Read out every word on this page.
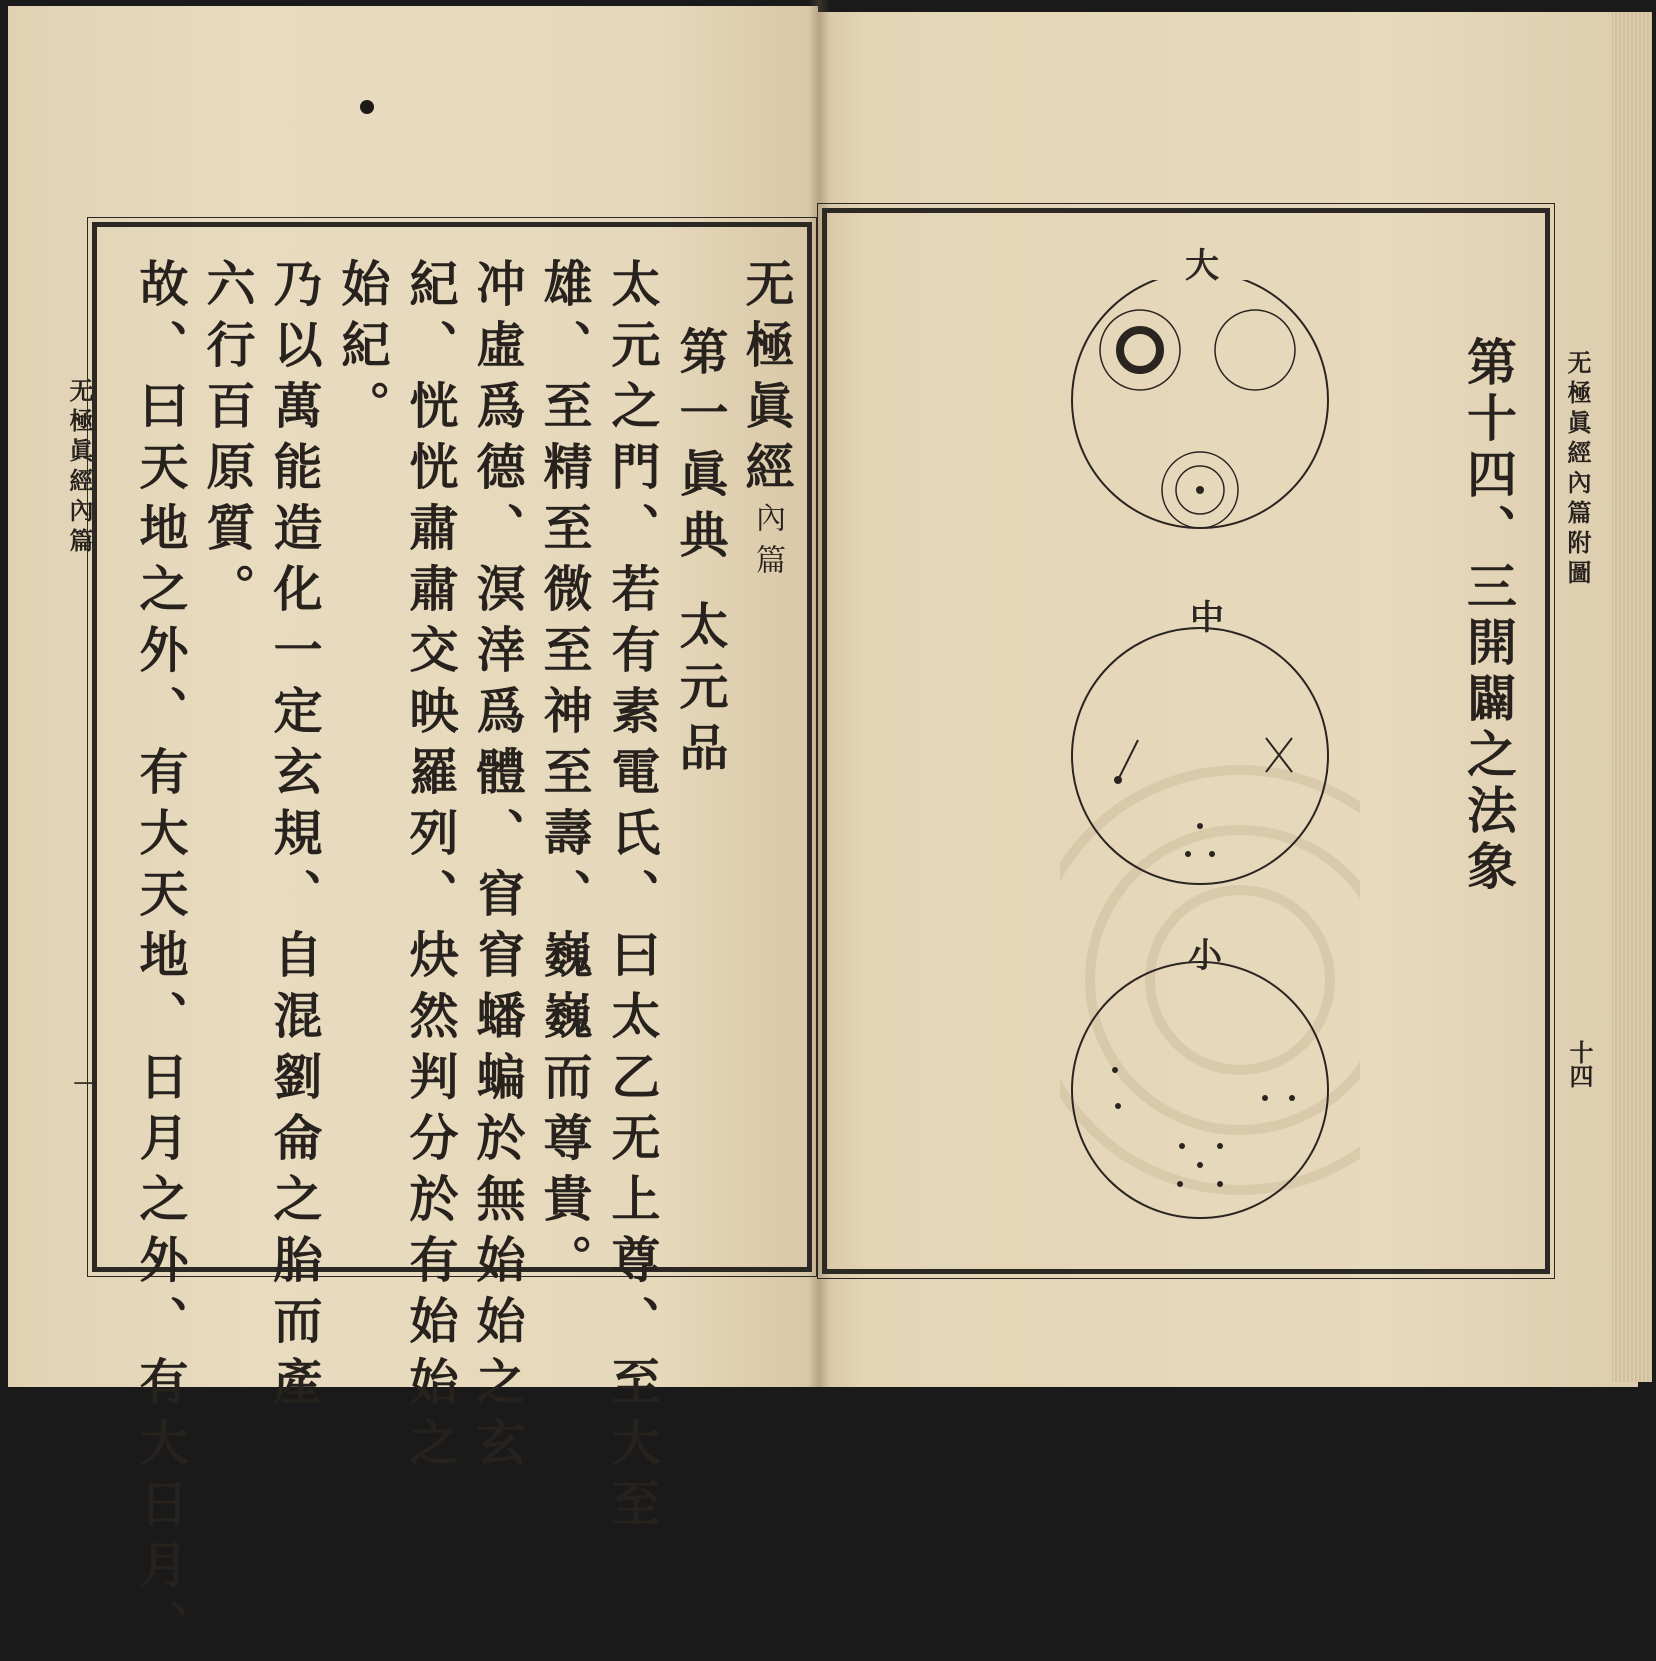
无極眞經內篇
一
无極眞經內篇
第一眞典太元品
太元之門、若有素電氏、曰太乙无上尊、至大至
雄、至精至微至神至壽、巍巍而尊貴。
冲虛爲德、溟涬爲體、窅窅蟠蝙於無始始之玄
紀、恍恍肅肅交映羅列、炔然判分於有始始之
始紀。
乃以萬能造化一定玄規、自混劉侖之胎而產
六行百原質。
故、曰天地之外、有大天地、日月之外、有大日月、	无極眞經內篇附圖
十四
第十四、三開闢之法象
大
中
小
